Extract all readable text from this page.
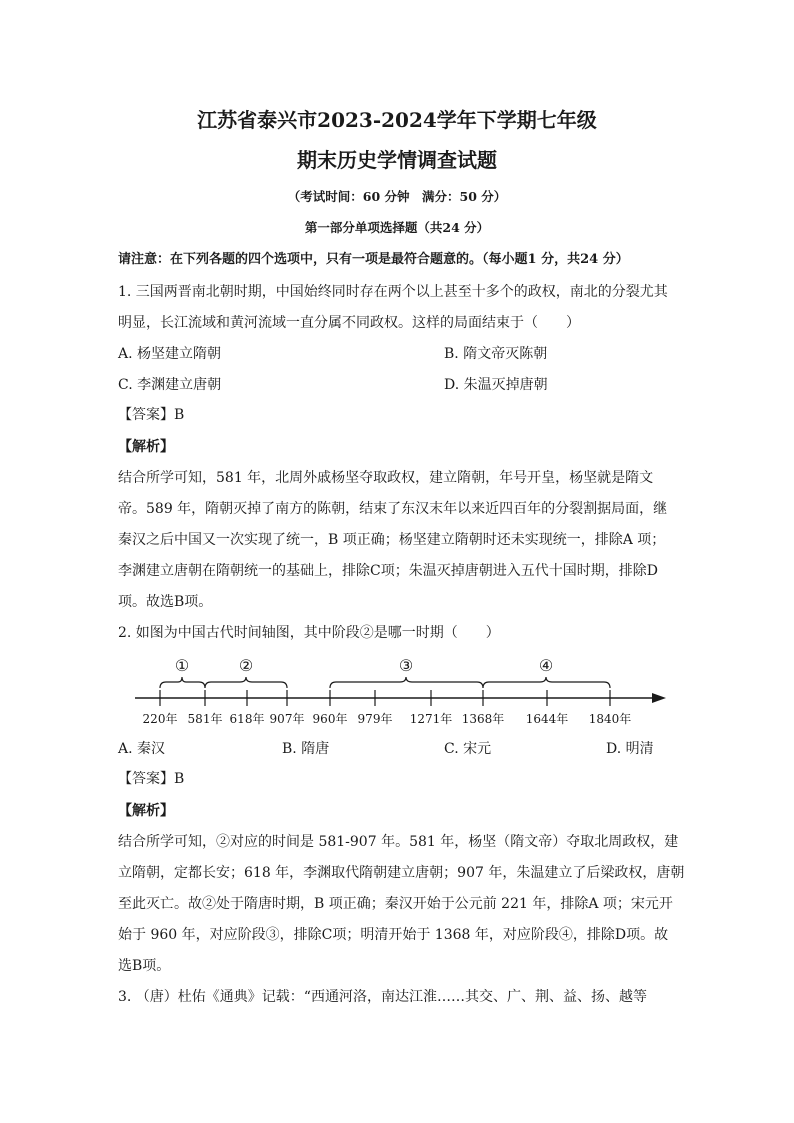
江苏省泰兴市2023-2024学年下学期七年级
期末历史学情调查试题
（考试时间：60 分钟　满分：50 分）
第一部分单项选择题（共24 分）
请注意：在下列各题的四个选项中，只有一项是最符合题意的。（每小题1 分，共24 分）
1. 三国两晋南北朝时期，中国始终同时存在两个以上甚至十多个的政权，南北的分裂尤其
明显，长江流域和黄河流域一直分属不同政权。这样的局面结束于（　　）
A. 杨坚建立隋朝	B. 隋文帝灭陈朝
C. 李渊建立唐朝	D. 朱温灭掉唐朝
【答案】B
【解析】
结合所学可知，581 年，北周外戚杨坚夺取政权，建立隋朝，年号开皇，杨坚就是隋文
帝。589 年，隋朝灭掉了南方的陈朝，结束了东汉末年以来近四百年的分裂割据局面，继
秦汉之后中国又一次实现了统一，B 项正确；杨坚建立隋朝时还未实现统一，排除A 项；
李渊建立唐朝在隋朝统一的基础上，排除C项；朱温灭掉唐朝进入五代十国时期，排除D
项。故选B项。
2. 如图为中国古代时间轴图，其中阶段②是哪一时期（　　）
①	②	③	④
220年 581年 618年 907年 960年 979年 1271年 1368年 1644年 1840年
A. 秦汉	B. 隋唐	C. 宋元	D. 明清
【答案】B
【解析】
结合所学可知，②对应的时间是 581-907 年。581 年，杨坚（隋文帝）夺取北周政权，建
立隋朝，定都长安；618 年，李渊取代隋朝建立唐朝；907 年，朱温建立了后梁政权，唐朝
至此灭亡。故②处于隋唐时期，B 项正确；秦汉开始于公元前 221 年，排除A 项；宋元开
始于 960 年，对应阶段③，排除C项；明清开始于 1368 年，对应阶段④，排除D项。故
选B项。
3. （唐）杜佑《通典》记载：“西通河洛，南达江淮……其交、广、荆、益、扬、越等
